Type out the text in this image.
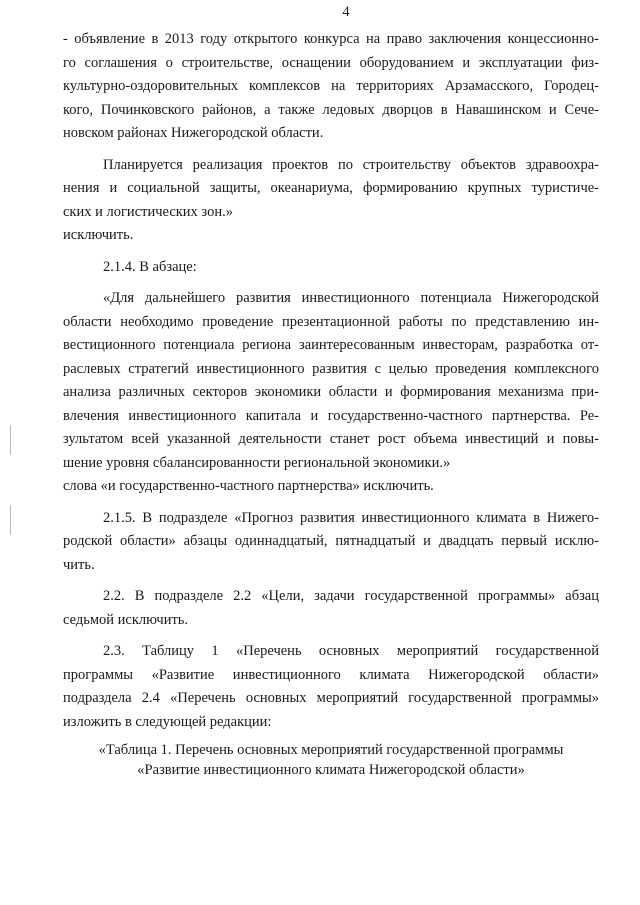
4
- объявление в 2013 году открытого конкурса на право заключения концессионно-
го соглашения о строительстве, оснащении оборудованием и эксплуатации физ-
культурно-оздоровительных комплексов на территориях Арзамасского, Городец-
кого, Починковского районов, а также ледовых дворцов в Навашинском и Сече-
новском районах Нижегородской области.
Планируется реализация проектов по строительству объектов здравоохра-
нения и социальной защиты, океанариума, формированию крупных туристиче-
ских и логистических зон.»
исключить.
2.1.4. В абзаце:
«Для дальнейшего развития инвестиционного потенциала Нижегородской
области необходимо проведение презентационной работы по представлению ин-
вестиционного потенциала региона заинтересованным инвесторам, разработка от-
раслевых стратегий инвестиционного развития с целью проведения комплексного
анализа различных секторов экономики области и формирования механизма при-
влечения инвестиционного капитала и государственно-частного партнерства. Ре-
зультатом всей указанной деятельности станет рост объема инвестиций и повы-
шение уровня сбалансированности региональной экономики.»
слова «и государственно-частного партнерства» исключить.
2.1.5. В подразделе «Прогноз развития инвестиционного климата в Нижего-
родской области» абзацы одиннадцатый, пятнадцатый и двадцать первый исклю-
чить.
2.2. В подразделе 2.2 «Цели, задачи государственной программы» абзац
седьмой исключить.
2.3. Таблицу 1 «Перечень основных мероприятий государственной
программы «Развитие инвестиционного климата Нижегородской области»
подраздела 2.4 «Перечень основных мероприятий государственной программы»
изложить в следующей редакции:
«Таблица 1. Перечень основных мероприятий государственной программы
«Развитие инвестиционного климата Нижегородской области»
